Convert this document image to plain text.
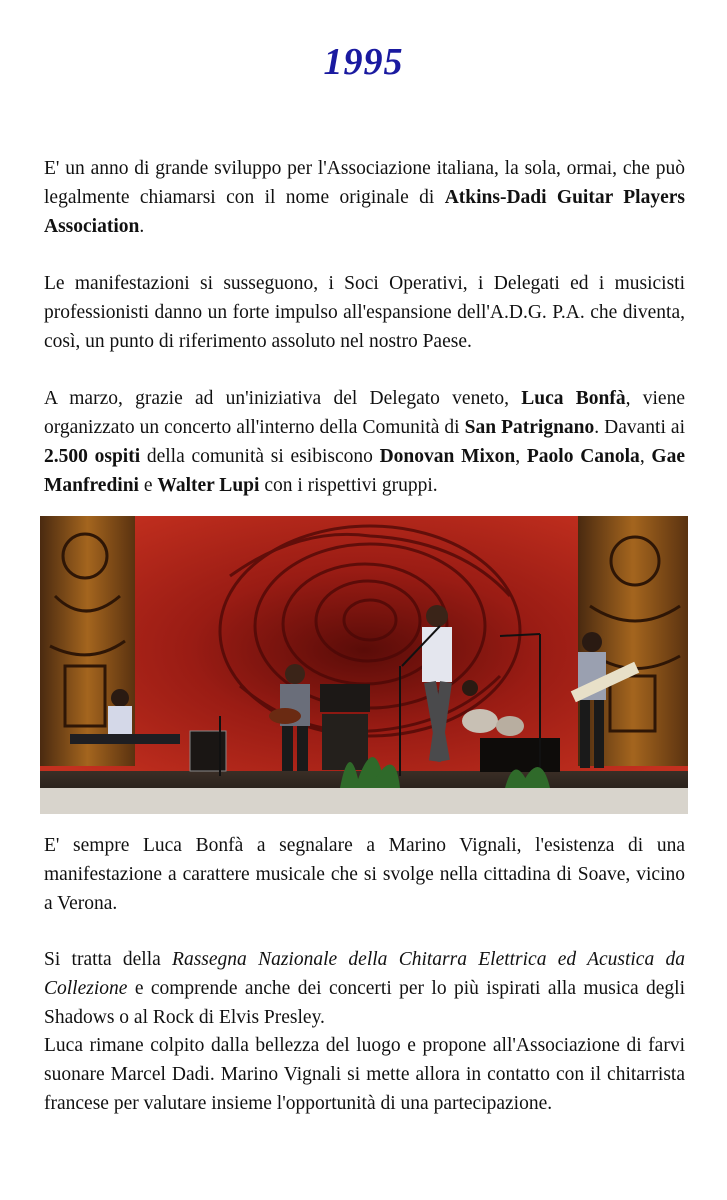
1995

E' un anno di grande sviluppo per l'Associazione italiana, la sola, ormai, che può legalmente chiamarsi con il nome originale di Atkins-Dadi Guitar Players Association.

Le manifestazioni si susseguono, i Soci Operativi, i Delegati ed i musicisti professionisti danno un forte impulso all'espansione dell'A.D.G. P.A. che diventa, così, un punto di riferimento assoluto nel nostro Paese.

A marzo, grazie ad un'iniziativa del Delegato veneto, Luca Bonfà, viene organizzato un concerto all'interno della Comunità di San Patrignano. Davanti ai 2.500 ospiti della comunità si esibiscono Donovan Mixon, Paolo Canola, Gae Manfredini e Walter Lupi con i rispettivi gruppi.

E' sempre Luca Bonfà a segnalare a Marino Vignali, l'esistenza di una manifestazione a carattere musicale che si svolge nella cittadina di Soave, vicino a Verona.

Si tratta della Rassegna Nazionale della Chitarra Elettrica ed Acustica da Collezione e comprende anche dei concerti per lo più ispirati alla musica degli Shadows o al Rock di Elvis Presley.

Luca rimane colpito dalla bellezza del luogo e propone all'Associazione di farvi suonare Marcel Dadi. Marino Vignali si mette allora in contatto con il chitarrista francese per valutare insieme l'opportunità di una partecipazione.
